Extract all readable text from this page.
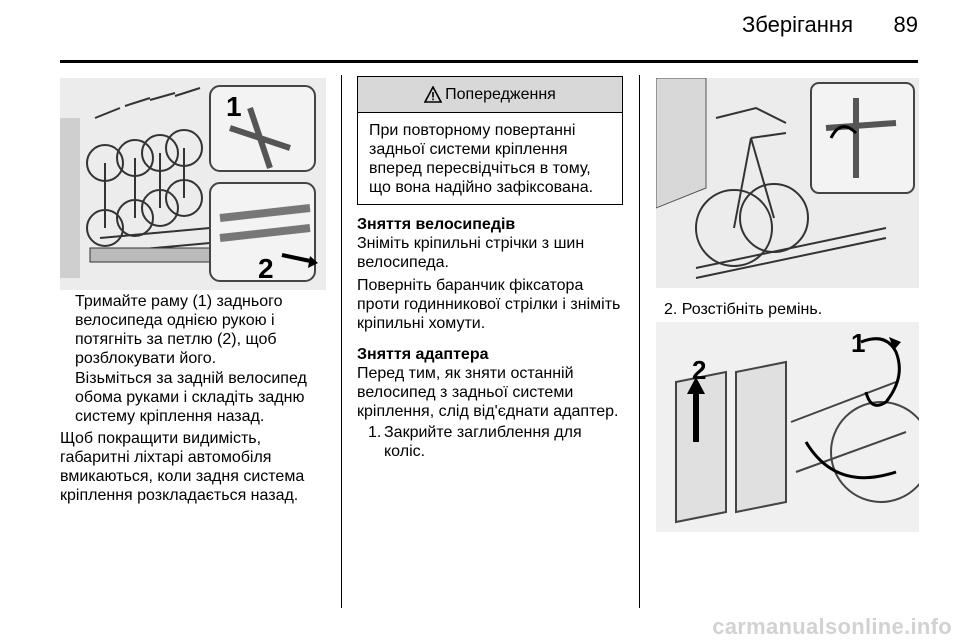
Зберігання	89
1
2

Тримайте раму (1) заднього велосипеда однією рукою і потягніть за петлю (2), щоб розблокувати його.

Візьміться за задній велосипед обома руками і складіть задню систему кріплення назад.

Щоб покращити видимість, габаритні ліхтарі автомобіля вмикаються, коли задня система кріплення розкладається назад.

Попередження
При повторному повертанні задньої системи кріплення вперед пересвідчіться в тому, що вона надійно зафіксована.
Зняття велосипедів
Зніміть кріпильні стрічки з шин велосипеда.
Поверніть баранчик фіксатора проти годинникової стрілки і зніміть кріпильні хомути.
Зняття адаптера
Перед тим, як зняти останній велосипед з задньої системи кріплення, слід від'єднати адаптер.
1. Закрийте заглиблення для коліс.
2. Розстібніть ремінь.
2
1
carmanualsonline.info
